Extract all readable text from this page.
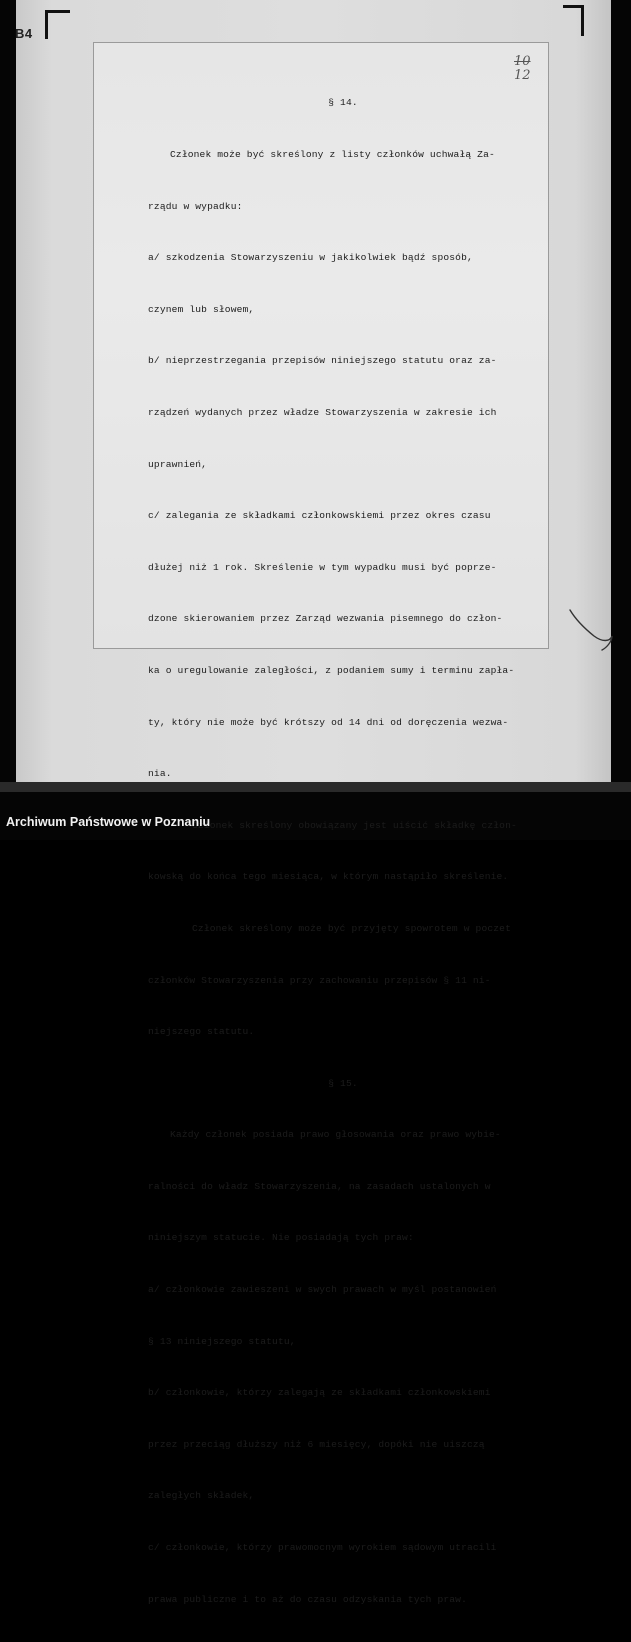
B4
10
12

§ 14.

Członek może być skreślony z listy członków uchwałą Za-

rządu w wypadku:

a/ szkodzenia Stowarzyszeniu w jakikolwiek bądź sposób,

czynem lub słowem,

b/ nieprzestrzegania przepisów niniejszego statutu oraz za-

rządzeń wydanych przez władze Stowarzyszenia w zakresie ich

uprawnień,

c/ zalegania ze składkami członkowskiemi przez okres czasu

dłużej niż 1 rok. Skreślenie w tym wypadku musi być poprze-

dzone skierowaniem przez Zarząd wezwania pisemnego do człon-

ka o uregulowanie zaległości, z podaniem sumy i terminu zapła-

ty, który nie może być krótszy od 14 dni od doręczenia wezwa-

nia.

Członek skreślony obowiązany jest uiścić składkę człon-

kowską do końca tego miesiąca, w którym nastąpiło skreślenie.

Członek skreślony może być przyjęty spowrotem w poczet

członków Stowarzyszenia przy zachowaniu przepisów § 11 ni-

niejszego statutu.

§ 15.

Każdy członek posiada prawo głosowania oraz prawo wybie-

ralności do władz Stowarzyszenia, na zasadach ustalonych w

niniejszym statucie. Nie posiadają tych praw:

a/ członkowie zawieszeni w swych prawach w myśl postanowień

§ 13 niniejszego statutu,

b/ członkowie, którzy zalegają ze składkami członkowskiemi

przez przeciąg dłuższy niż 6 miesięcy, dopóki nie uiszczą

zaległych składek,

c/ członkowie, którzy prawomocnym wyrokiem sądowym utracili

prawa publiczne i to aż do czasu odzyskania tych praw.

Archiwum Państwowe w Poznaniu
